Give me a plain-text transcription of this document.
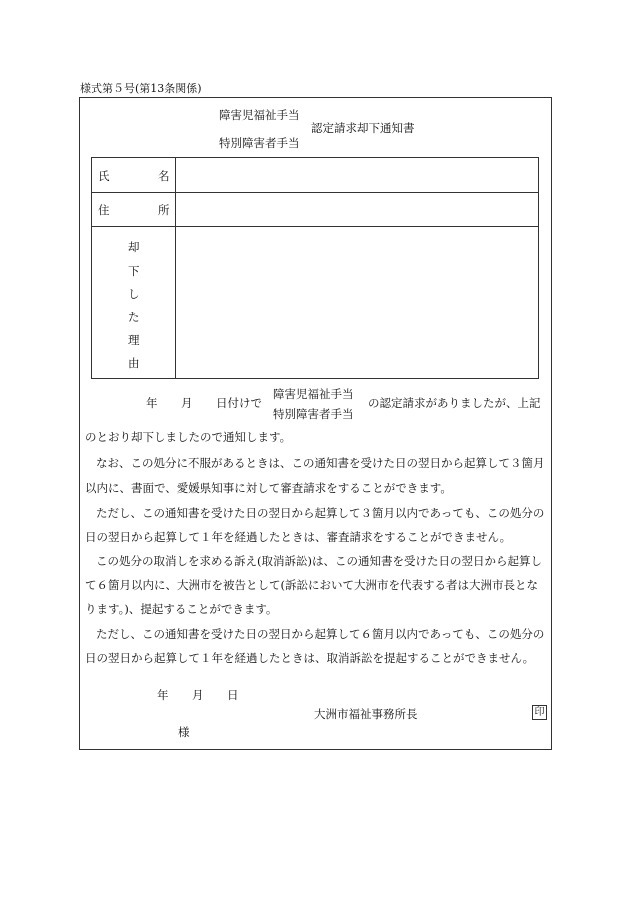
様式第５号(第13条関係)
障害児福祉手当
特別障害者手当
認定請求却下通知書
氏	名
住	所
却
下
し
た
理
由
年 月 日付けで
障害児福祉手当
特別障害者手当
の認定請求がありましたが、上記
のとおり却下しましたので通知します。
なお、この処分に不服があるときは、この通知書を受けた日の翌日から起算して３箇月
以内に、書面で、愛媛県知事に対して審査請求をすることができます。
ただし、この通知書を受けた日の翌日から起算して３箇月以内であっても、この処分の
日の翌日から起算して１年を経過したときは、審査請求をすることができません。
この処分の取消しを求める訴え(取消訴訟)は、この通知書を受けた日の翌日から起算し
て６箇月以内に、大洲市を被告として(訴訟において大洲市を代表する者は大洲市長とな
ります。)、提起することができます。
ただし、この通知書を受けた日の翌日から起算して６箇月以内であっても、この処分の
日の翌日から起算して１年を経過したときは、取消訴訟を提起することができません。
年 月 日
大洲市福祉事務所長	印
様
